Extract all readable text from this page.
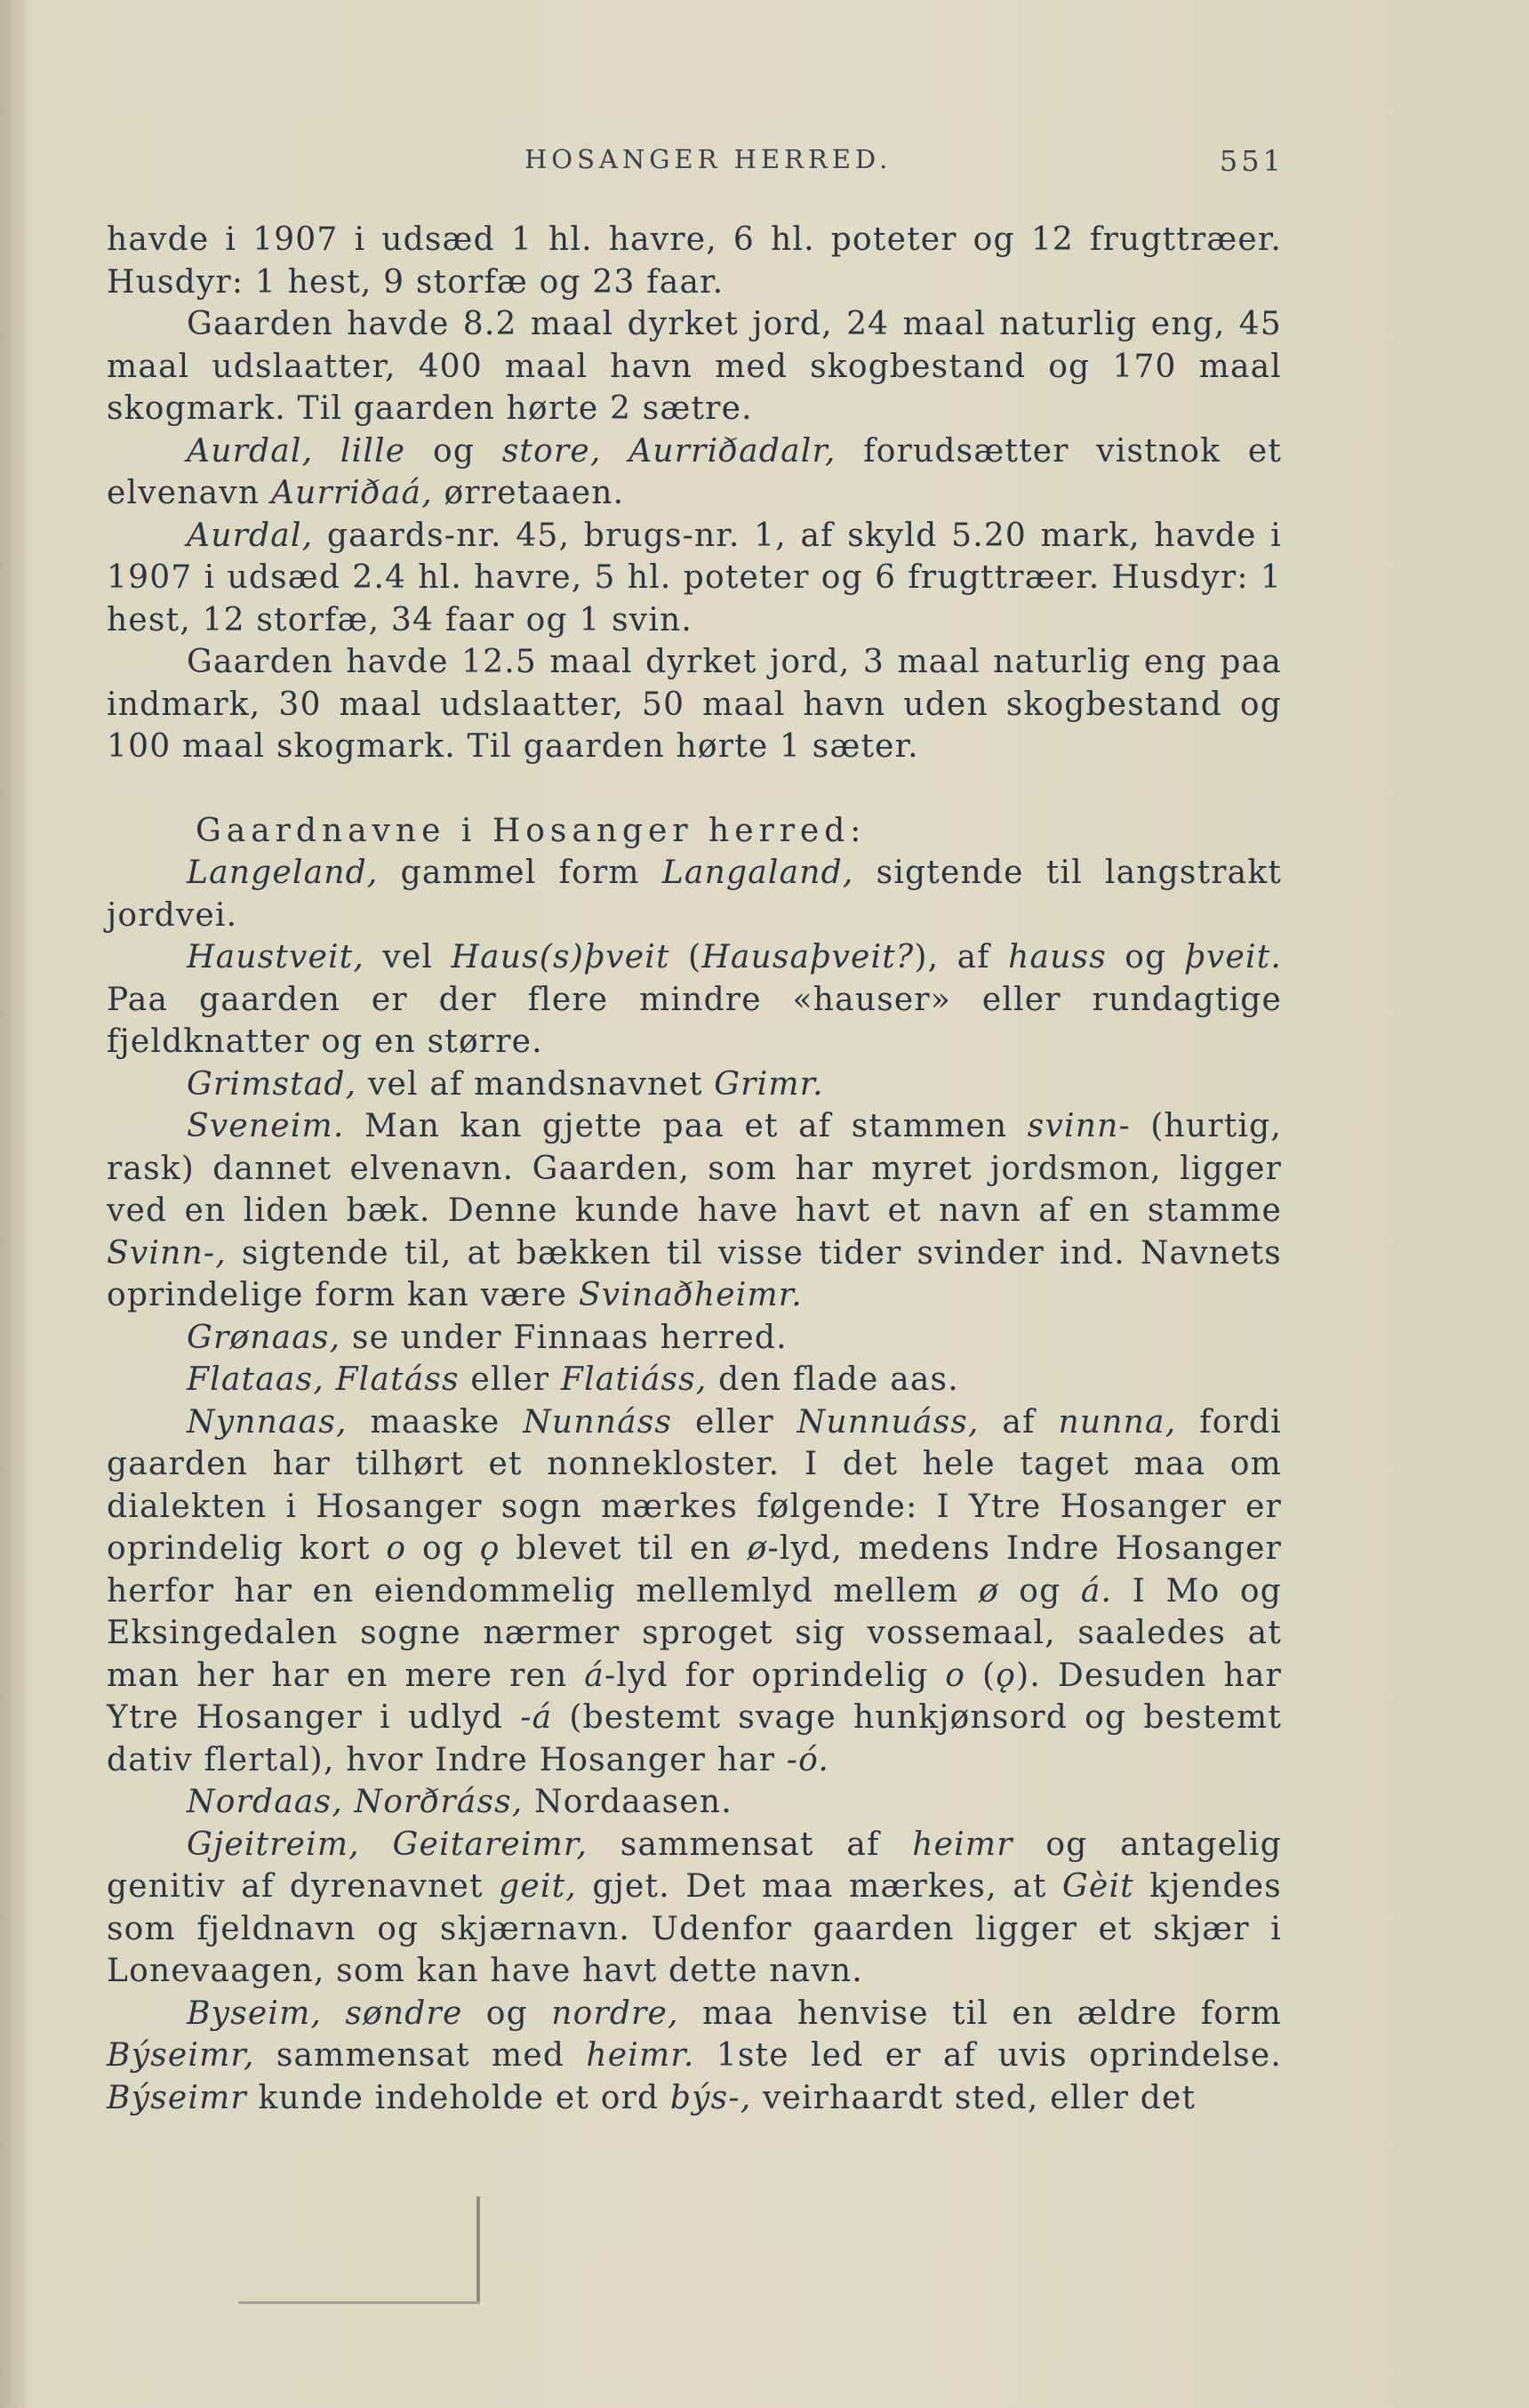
HOSANGER HERRED.	551

havde i 1907 i udsæd 1 hl. havre, 6 hl. poteter og 12 frugttræer. Husdyr: 1 hest, 9 storfæ og 23 faar.

Gaarden havde 8.2 maal dyrket jord, 24 maal naturlig eng, 45 maal udslaatter, 400 maal havn med skogbestand og 170 maal skogmark. Til gaarden hørte 2 sætre.

Aurdal, lille og store, Aurriðadalr, forudsætter vistnok et elvenavn Aurriðaá, ørretaaen.

Aurdal, gaards-nr. 45, brugs-nr. 1, af skyld 5.20 mark, havde i 1907 i udsæd 2.4 hl. havre, 5 hl. poteter og 6 frugttræer. Husdyr: 1 hest, 12 storfæ, 34 faar og 1 svin.

Gaarden havde 12.5 maal dyrket jord, 3 maal naturlig eng paa indmark, 30 maal udslaatter, 50 maal havn uden skogbestand og 100 maal skogmark. Til gaarden hørte 1 sæter.

Gaardnavne i Hosanger herred:

Langeland, gammel form Langaland, sigtende til langstrakt jordvei.

Haustveit, vel Haus(s)þveit (Hausaþveit?), af hauss og þveit. Paa gaarden er der flere mindre «hauser» eller rundagtige fjeldknatter og en større.

Grimstad, vel af mandsnavnet Grimr.

Sveneim. Man kan gjette paa et af stammen svinn- (hurtig, rask) dannet elvenavn. Gaarden, som har myret jordsmon, ligger ved en liden bæk. Denne kunde have havt et navn af en stamme Svinn-, sigtende til, at bækken til visse tider svinder ind. Navnets oprindelige form kan være Svinaðheimr.

Grønaas, se under Finnaas herred.

Flataas, Flatáss eller Flatiáss, den flade aas.

Nynnaas, maaske Nunnáss eller Nunnuáss, af nunna, fordi gaarden har tilhørt et nonnekloster. I det hele taget maa om dialekten i Hosanger sogn mærkes følgende: I Ytre Hosanger er oprindelig kort o og ǫ blevet til en ø-lyd, medens Indre Hosanger herfor har en eiendommelig mellemlyd mellem ø og á. I Mo og Eksingedalen sogne nærmer sproget sig vossemaal, saaledes at man her har en mere ren á-lyd for oprindelig o (ǫ). Desuden har Ytre Hosanger i udlyd -á (bestemt svage hunkjønsord og bestemt dativ flertal), hvor Indre Hosanger har -ó.

Nordaas, Norðráss, Nordaasen.

Gjeitreim, Geitareimr, sammensat af heimr og antagelig genitiv af dyrenavnet geit, gjet. Det maa mærkes, at Gèit kjendes som fjeldnavn og skjærnavn. Udenfor gaarden ligger et skjær i Lonevaagen, som kan have havt dette navn.

Byseim, søndre og nordre, maa henvise til en ældre form Býseimr, sammensat med heimr. 1ste led er af uvis oprindelse. Býseimr kunde indeholde et ord býs-, veirhaardt sted, eller det
